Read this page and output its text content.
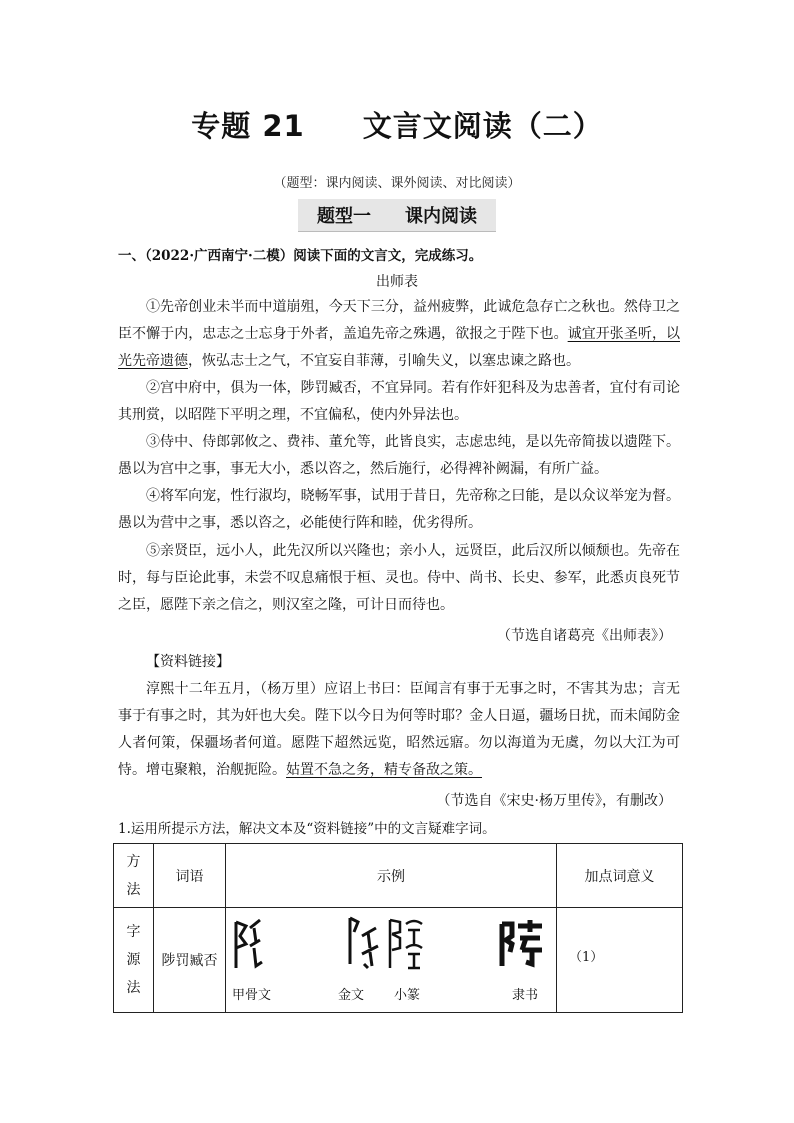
专题 21 文言文阅读（二）
（题型：课内阅读、课外阅读、对比阅读）
题型一 课内阅读
一、（2022·广西南宁·二模）阅读下面的文言文，完成练习。
出师表

①先帝创业未半而中道崩殂，今天下三分，益州疲弊，此诚危急存亡之秋也。然侍卫之臣不懈于内，忠志之士忘身于外者，盖追先帝之殊遇，欲报之于陛下也。诚宜开张圣听，以光先帝遗德，恢弘志士之气，不宜妄自菲薄，引喻失义，以塞忠谏之路也。

②宫中府中，俱为一体，陟罚臧否，不宜异同。若有作奸犯科及为忠善者，宜付有司论其刑赏，以昭陛下平明之理，不宜偏私，使内外异法也。

③侍中、侍郎郭攸之、费祎、董允等，此皆良实，志虑忠纯，是以先帝简拔以遗陛下。愚以为宫中之事，事无大小，悉以咨之，然后施行，必得裨补阙漏，有所广益。

④将军向宠，性行淑均，晓畅军事，试用于昔日，先帝称之曰能，是以众议举宠为督。愚以为营中之事，悉以咨之，必能使行阵和睦，优劣得所。

⑤亲贤臣，远小人，此先汉所以兴隆也；亲小人，远贤臣，此后汉所以倾颓也。先帝在时，每与臣论此事，未尝不叹息痛恨于桓、灵也。侍中、尚书、长史、参军，此悉贞良死节之臣，愿陛下亲之信之，则汉室之隆，可计日而待也。

（节选自诸葛亮《出师表》）
【资料链接】

淳熙十二年五月，（杨万里）应诏上书曰：臣闻言有事于无事之时，不害其为忠；言无事于有事之时，其为奸也大矣。陛下以今日为何等时耶？金人日逼，疆场日扰，而未闻防金人者何策，保疆场者何道。愿陛下超然远览，昭然远寤。勿以海道为无虞，勿以大江为可恃。增屯聚粮，治舰扼险。姑置不急之务，精专备敌之策。

（节选自《宋史·杨万里传》，有删改）
1.运用所提示方法，解决文本及“资料链接”中的文言疑难字词。
方法	词语	示例	加点词意义
字源法	陟罚臧否	甲骨文 金文 小篆 隶书	（1）
